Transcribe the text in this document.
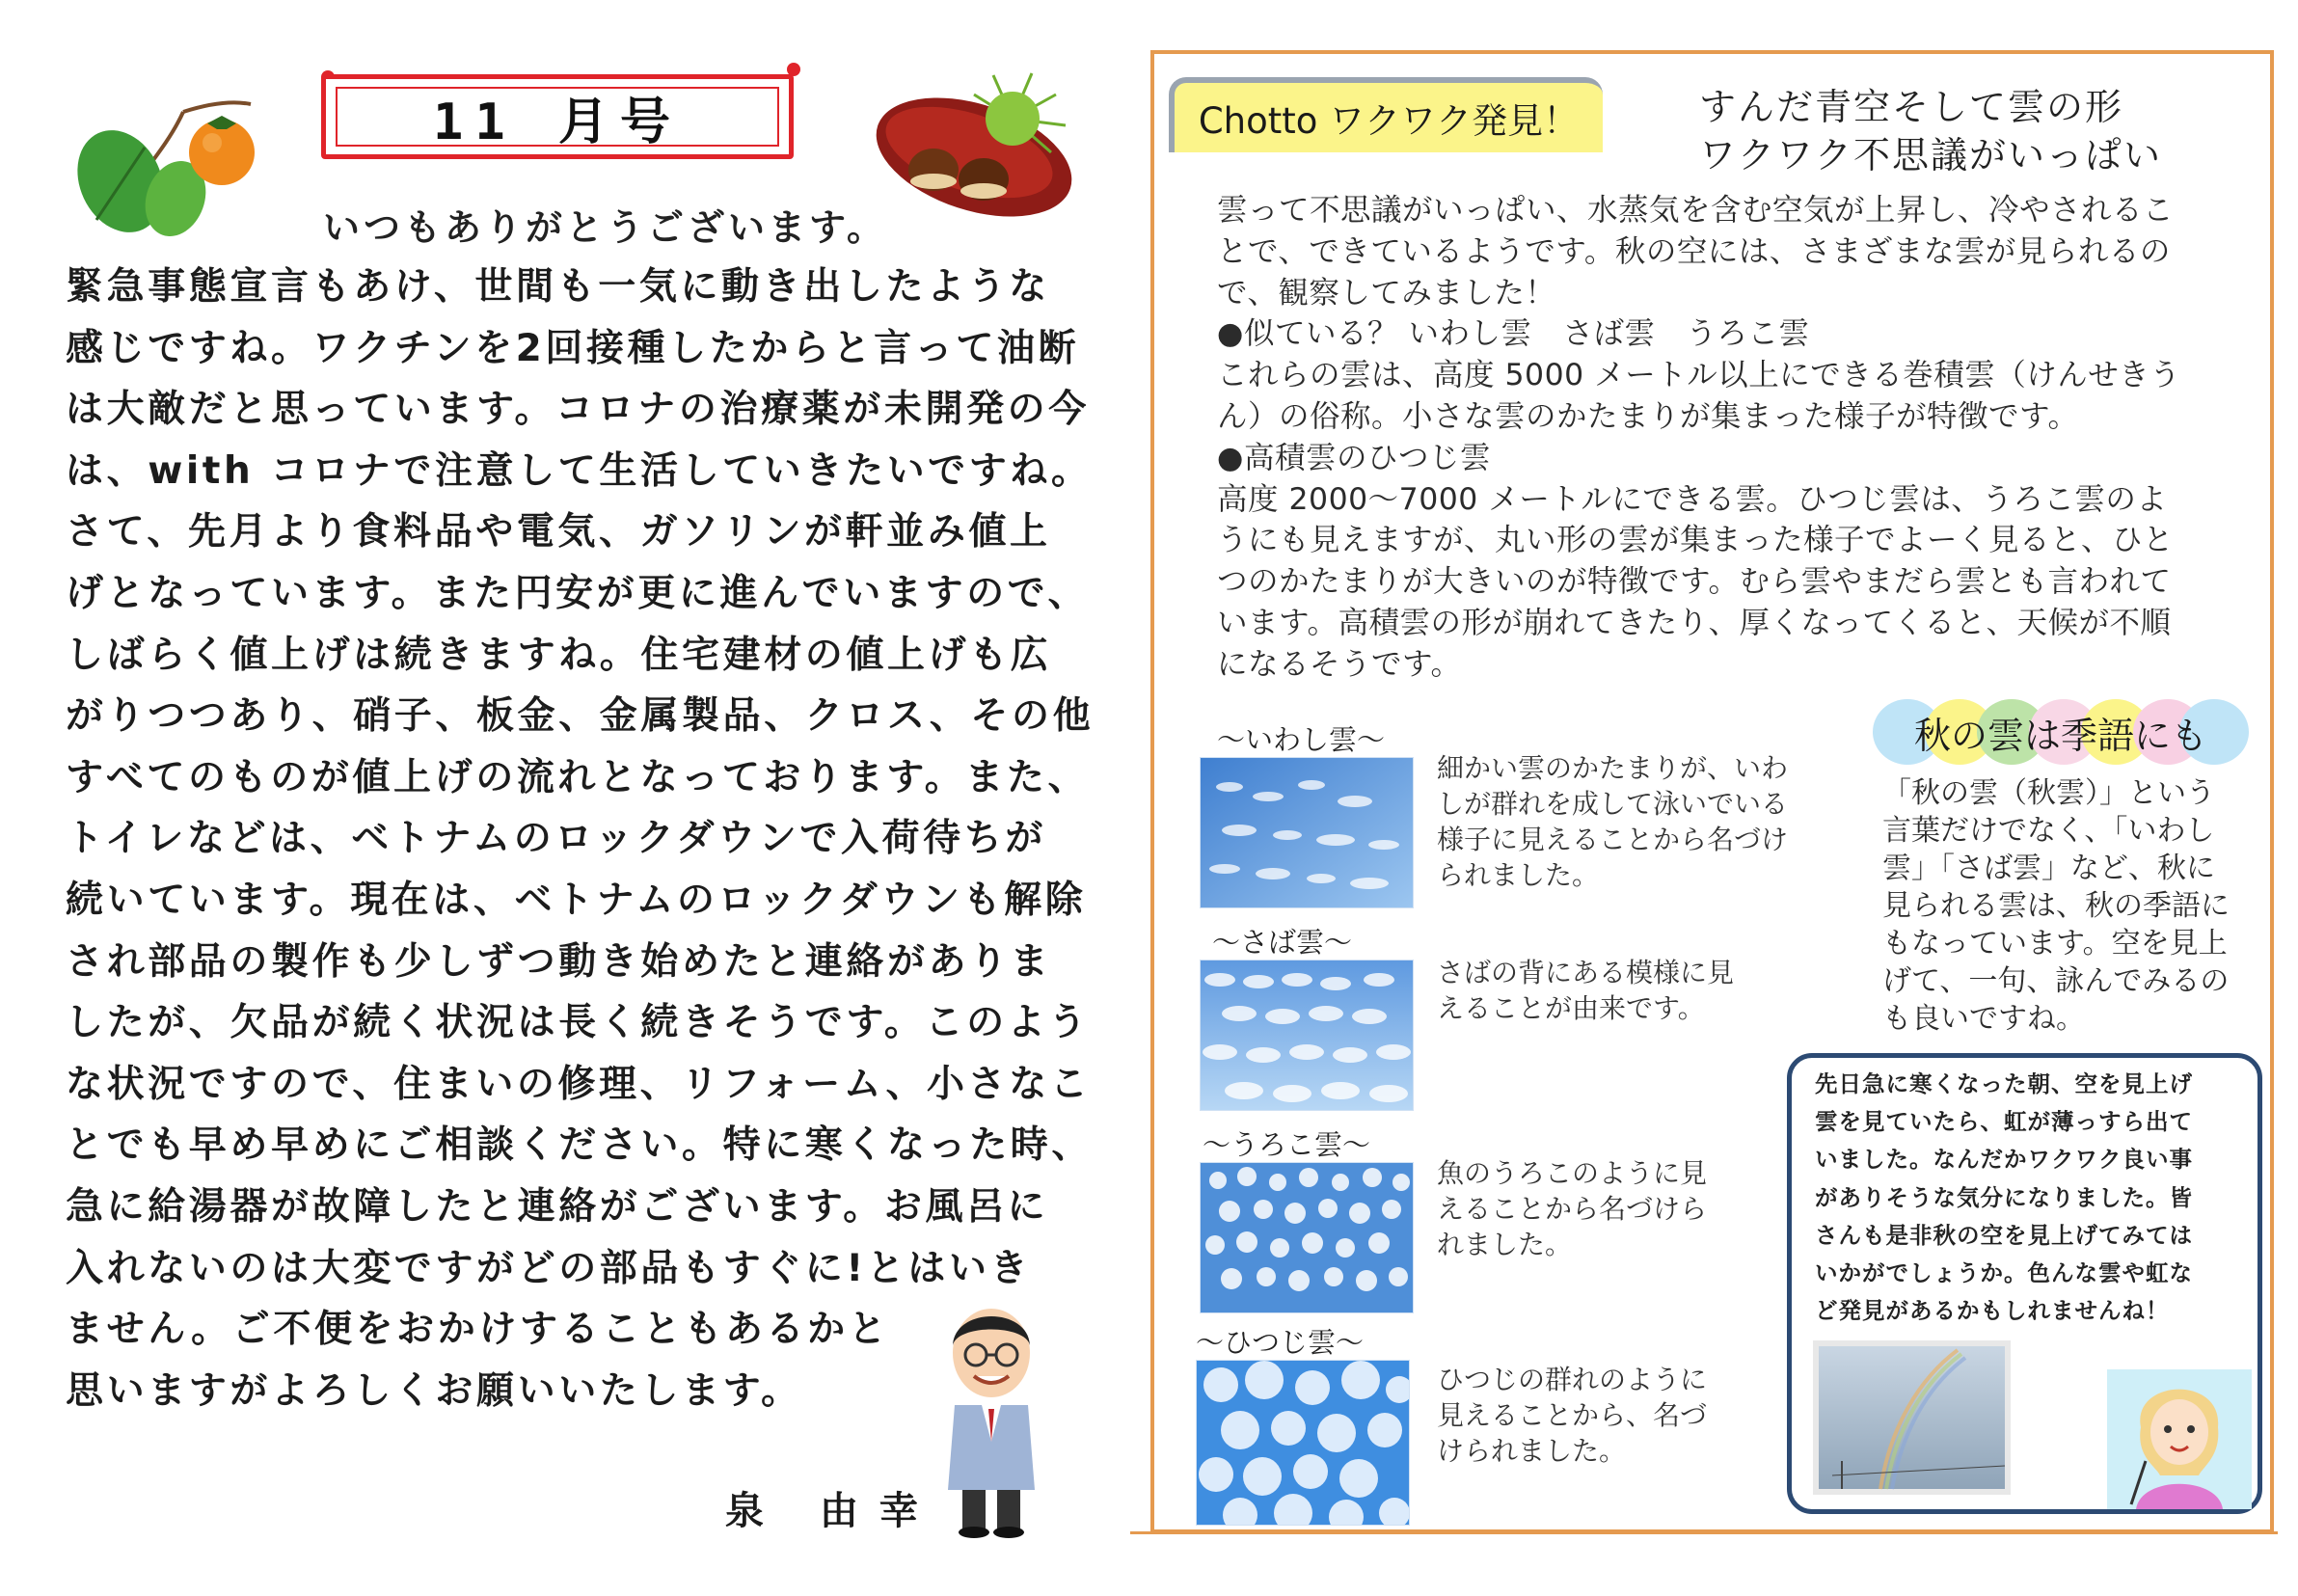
11 月号
いつもありがとうございます。
緊急事態宣言もあけ、世間も一気に動き出したような
感じですね。ワクチンを2回接種したからと言って油断
は大敵だと思っています。コロナの治療薬が未開発の今
は、with コロナで注意して生活していきたいですね。
さて、先月より食料品や電気、ガソリンが軒並み値上
げとなっています。また円安が更に進んでいますので、
しばらく値上げは続きますね。住宅建材の値上げも広
がりつつあり、硝子、板金、金属製品、クロス、その他
すべてのものが値上げの流れとなっております。また、
トイレなどは、ベトナムのロックダウンで入荷待ちが
続いています。現在は、ベトナムのロックダウンも解除
され部品の製作も少しずつ動き始めたと連絡がありま
したが、欠品が続く状況は長く続きそうです。このよう
な状況ですので、住まいの修理、リフォーム、小さなこ
とでも早め早めにご相談ください。特に寒くなった時、
急に給湯器が故障したと連絡がございます。お風呂に
入れないのは大変ですがどの部品もすぐに!とはいき
ません。ご不便をおかけすることもあるかと
思いますがよろしくお願いいたします。
泉 由幸
Chotto ワクワク発見！	すんだ青空そして雲の形
ワクワク不思議がいっぱい
雲って不思議がいっぱい、水蒸気を含む空気が上昇し、冷やされるこ
とで、できているようです。秋の空には、さまざまな雲が見られるの
で、観察してみました！
●似ている？ いわし雲　さば雲　うろこ雲
これらの雲は、高度 5000 メートル以上にできる巻積雲（けんせきう
ん）の俗称。小さな雲のかたまりが集まった様子が特徴です。
●高積雲のひつじ雲
高度 2000〜7000 メートルにできる雲。ひつじ雲は、うろこ雲のよ
うにも見えますが、丸い形の雲が集まった様子でよーく見ると、ひと
つのかたまりが大きいのが特徴です。むら雲やまだら雲とも言われて
います。高積雲の形が崩れてきたり、厚くなってくると、天候が不順
になるそうです。
〜いわし雲〜
細かい雲のかたまりが、いわ
しが群れを成して泳いでいる
様子に見えることから名づけ
られました。
〜さば雲〜
さばの背にある模様に見
えることが由来です。
〜うろこ雲〜
魚のうろこのように見
えることから名づけら
れました。
〜ひつじ雲〜
ひつじの群れのように
見えることから、名づ
けられました。
秋の雲は季語にも
「秋の雲（秋雲）」という
言葉だけでなく、「いわし
雲」「さば雲」など、秋に
見られる雲は、秋の季語に
もなっています。空を見上
げて、一句、詠んでみるの
も良いですね。
先日急に寒くなった朝、空を見上げ
雲を見ていたら、虹が薄っすら出て
いました。なんだかワクワク良い事
がありそうな気分になりました。皆
さんも是非秋の空を見上げてみては
いかがでしょうか。色んな雲や虹な
ど発見があるかもしれませんね！
